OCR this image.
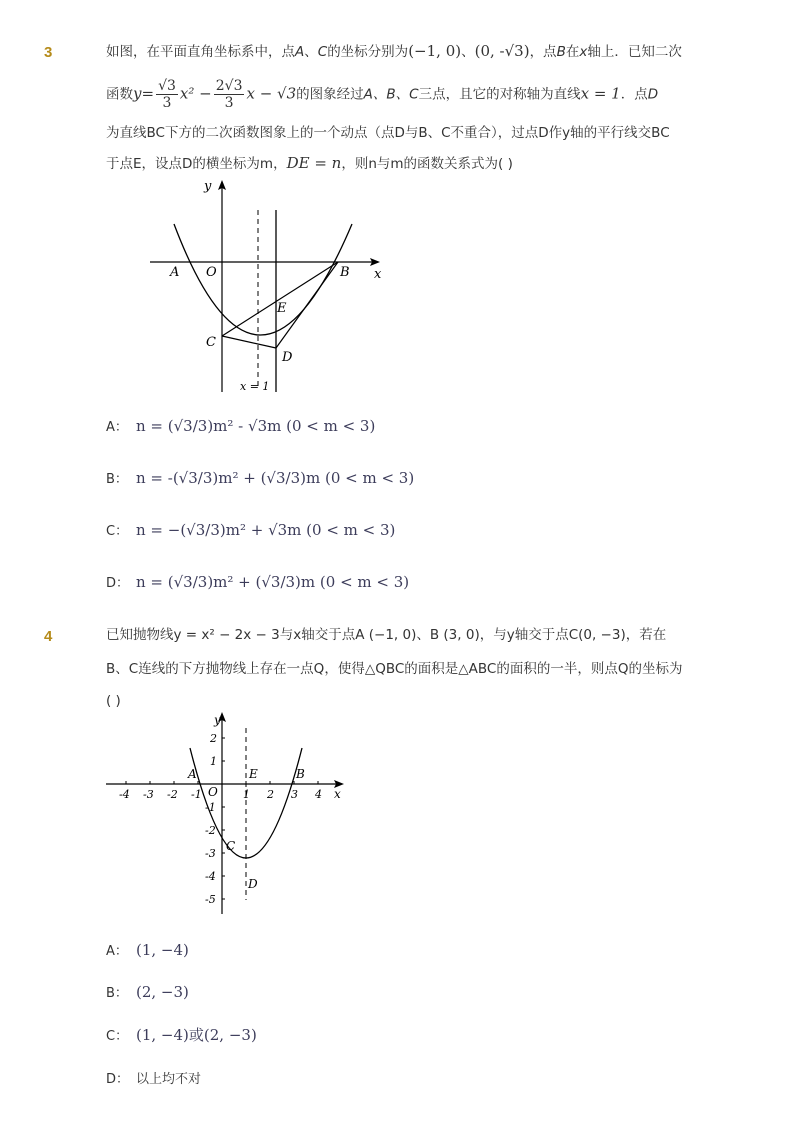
3	如图，在平面直角坐标系中，点A、C的坐标分别为(−1, 0)、(0, -√3)，点B在x轴上．已知二次
函数$y= \frac{√3}{3} x^2 - \frac{2√3}{3}$ x − √3的图象经过A、B、C三点，且它的对称轴为直线x = 1．点D
为直线BC下方的二次函数图象上的一个动点（点D与B、C不重合），过点D作y轴的平行线交BC
于点E，设点D的横坐标为m，DE = n，则n与m的函数关系式为( )
y
x
A O	B
E
C
D
x = 1
A： n = (√3/3)m² - √3m (0 < m < 3)
B： n = -(√3/3)m² + (√3/3)m (0 < m < 3)
C： n = −(√3/3)m² + √3m (0 < m < 3)
D： n = (√3/3)m² + (√3/3)m (0 < m < 3)
4	已知抛物线y = x² − 2x − 3与x轴交于点A (−1, 0)、B (3, 0)，与y轴交于点C(0, −3)，若在
B、C连线的下方抛物线上存在一点Q，使得△QBC的面积是△ABC的面积的一半，则点Q的坐标为
( )
-4 -3 -2 -1	1 2 3 4
2
1
-1
-2
-3
-4
-5
y
x
O
A	B
E
C
D
A： (1, −4)
B： (2, −3)
C： (1, −4)或(2, −3)
D： 以上均不对
